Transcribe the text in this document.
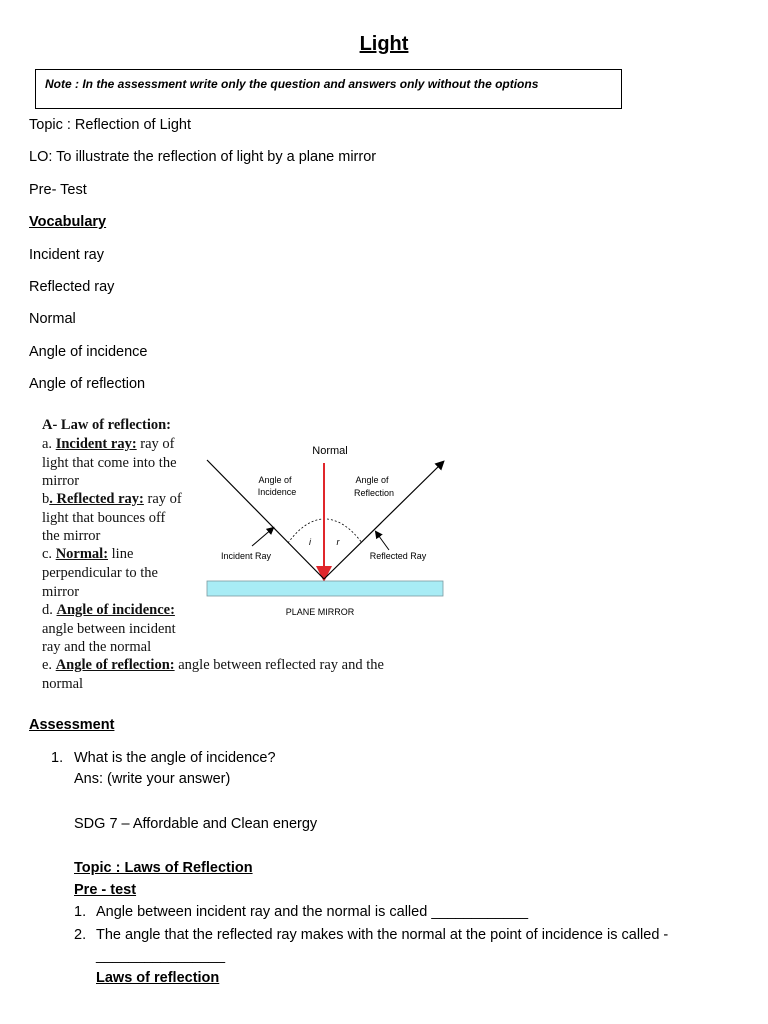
Light
Note : In the assessment write only the question and answers only without the options
Topic : Reflection of Light
LO: To illustrate the reflection of light by a plane mirror
Pre- Test
Vocabulary
Incident ray
Reflected ray
Normal
Angle of incidence
Angle of reflection
A- Law of reflection:
a. Incident ray: ray of
light that come into the
mirror
b. Reflected ray: ray of
light that bounces off
the mirror
c. Normal: line
perpendicular to the
mirror
d. Angle of incidence:
angle between incident
ray and the normal
e. Angle of reflection: angle between reflected ray and the
normal
Normal
Angle of
Incidence
Angle of
Reflection
i	r
Incident Ray	Reflected Ray
PLANE MIRROR
Assessment
1. What is the angle of incidence?
Ans: (write your answer)
SDG 7 – Affordable and Clean energy
Topic : Laws of Reflection
Pre - test
1. Angle between incident ray and the normal is called ____________
2. The angle that the reflected ray makes with the normal at the point of incidence is called -
________________
Laws of reflection
